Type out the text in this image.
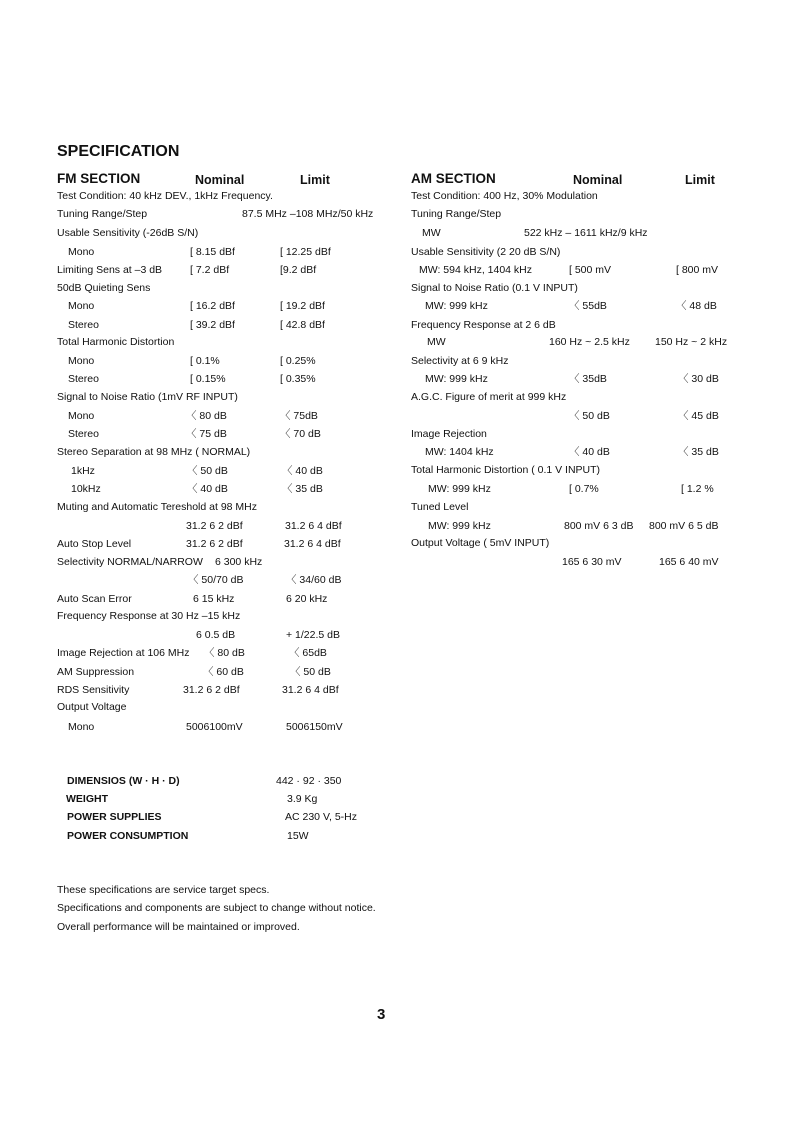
SPECIFICATION
FM SECTION	Nominal	Limit
Test Condition: 40 kHz DEV., 1kHz Frequency.
Tuning Range/Step	87.5 MHz –108 MHz/50 kHz
Usable Sensitivity (-26dB S/N)
Mono	[ 8.15 dBf	[ 12.25 dBf
Limiting Sens at –3 dB	[ 7.2 dBf	[9.2 dBf
50dB Quieting Sens
Mono	[ 16.2 dBf	[ 19.2 dBf
Stereo	[ 39.2 dBf	[ 42.8 dBf
Total Harmonic Distortion
Mono	[ 0.1%	[ 0.25%
Stereo	[ 0.15%	[ 0.35%
Signal to Noise Ratio (1mV RF INPUT)
Mono	〈 80 dB	〈 75dB
Stereo	〈 75 dB	〈 70 dB
Stereo Separation at 98 MHz ( NORMAL)
1kHz	〈 50 dB	〈 40 dB
10kHz	〈 40 dB	〈 35 dB
Muting and Automatic Tereshold at 98 MHz
31.2 6 2 dBf	31.2 6 4 dBf
Auto Stop Level	31.2 6 2 dBf	31.2 6 4 dBf
Selectivity NORMAL/NARROW 6 300 kHz
〈 50/70 dB	〈 34/60 dB
Auto Scan Error	6 15 kHz	6 20 kHz
Frequency Response at 30 Hz –15 kHz
6 0.5 dB	+ 1/22.5 dB
Image Rejection at 106 MHz 〈 80 dB	〈 65dB
AM Suppression	〈 60 dB	〈 50 dB
RDS Sensitivity	31.2 6 2 dBf	31.2 6 4 dBf
Output Voltage
Mono	5006100mV	5006150mV
AM SECTION	Nominal	Limit
Test Condition: 400 Hz, 30% Modulation
Tuning Range/Step
MW	522 kHz – 1611 kHz/9 kHz
Usable Sensitivity (2 20 dB S/N)
MW: 594 kHz, 1404 kHz	[ 500 mV	[ 800 mV
Signal to Noise Ratio (0.1 V INPUT)
MW: 999 kHz	〈 55dB	〈 48 dB
Frequency Response at 2 6 dB
MW	160 Hz ~ 2.5 kHz 150 Hz ~ 2 kHz
Selectivity at 6 9 kHz
MW: 999 kHz	〈 35dB	〈 30 dB
A.G.C. Figure of merit at 999 kHz
〈 50 dB	〈 45 dB
Image Rejection
MW: 1404 kHz	〈 40 dB	〈 35 dB
Total Harmonic Distortion ( 0.1 V INPUT)
MW: 999 kHz	[ 0.7%	[ 1.2 %
Tuned Level
MW: 999 kHz	800 mV 6 3 dB 800 mV 6 5 dB
Output Voltage ( 5mV INPUT)
165 6 30 mV	165 6 40 mV
DIMENSIOS (W · H · D)	442 · 92 · 350
WEIGHT	3.9 Kg
POWER SUPPLIES	AC 230 V, 5-Hz
POWER CONSUMPTION	15W
These specifications are service target specs.
Specifications and components are subject to change without notice.
Overall performance will be maintained or improved.
3
